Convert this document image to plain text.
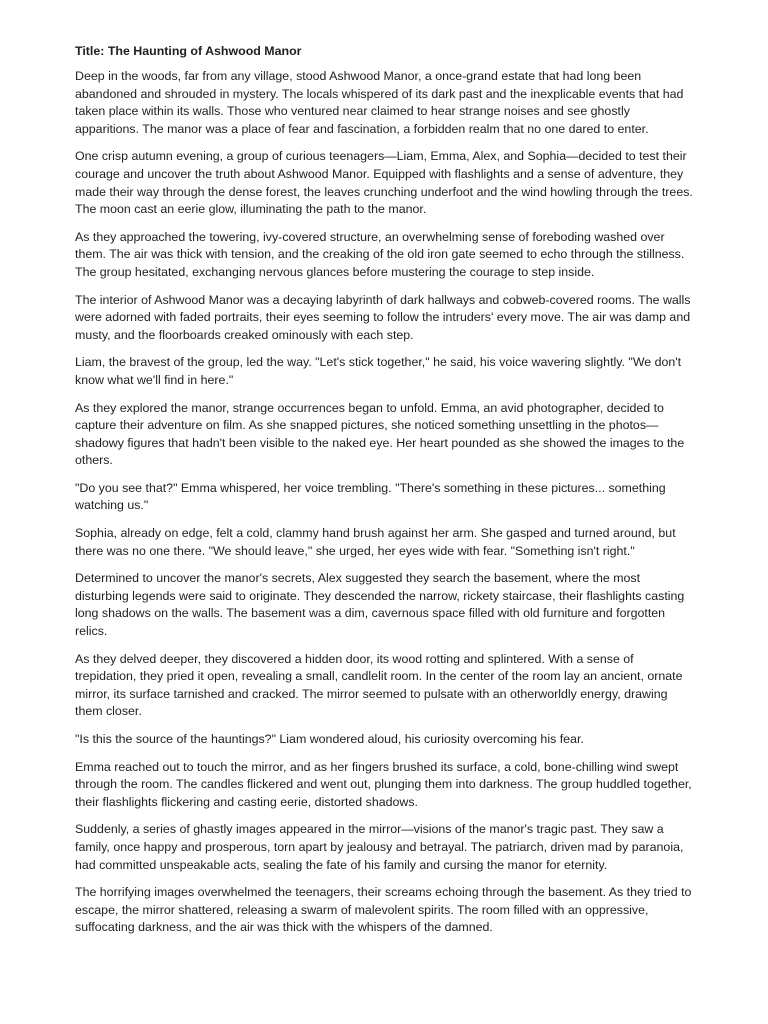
Title: The Haunting of Ashwood Manor

Deep in the woods, far from any village, stood Ashwood Manor, a once-grand estate that had long been abandoned and shrouded in mystery. The locals whispered of its dark past and the inexplicable events that had taken place within its walls. Those who ventured near claimed to hear strange noises and see ghostly apparitions. The manor was a place of fear and fascination, a forbidden realm that no one dared to enter.

One crisp autumn evening, a group of curious teenagers—Liam, Emma, Alex, and Sophia—decided to test their courage and uncover the truth about Ashwood Manor. Equipped with flashlights and a sense of adventure, they made their way through the dense forest, the leaves crunching underfoot and the wind howling through the trees. The moon cast an eerie glow, illuminating the path to the manor.

As they approached the towering, ivy-covered structure, an overwhelming sense of foreboding washed over them. The air was thick with tension, and the creaking of the old iron gate seemed to echo through the stillness. The group hesitated, exchanging nervous glances before mustering the courage to step inside.

The interior of Ashwood Manor was a decaying labyrinth of dark hallways and cobweb-covered rooms. The walls were adorned with faded portraits, their eyes seeming to follow the intruders' every move. The air was damp and musty, and the floorboards creaked ominously with each step.

Liam, the bravest of the group, led the way. "Let's stick together," he said, his voice wavering slightly. "We don't know what we'll find in here."

As they explored the manor, strange occurrences began to unfold. Emma, an avid photographer, decided to capture their adventure on film. As she snapped pictures, she noticed something unsettling in the photos—shadowy figures that hadn't been visible to the naked eye. Her heart pounded as she showed the images to the others.

"Do you see that?" Emma whispered, her voice trembling. "There's something in these pictures... something watching us."

Sophia, already on edge, felt a cold, clammy hand brush against her arm. She gasped and turned around, but there was no one there. "We should leave," she urged, her eyes wide with fear. "Something isn't right."

Determined to uncover the manor's secrets, Alex suggested they search the basement, where the most disturbing legends were said to originate. They descended the narrow, rickety staircase, their flashlights casting long shadows on the walls. The basement was a dim, cavernous space filled with old furniture and forgotten relics.

As they delved deeper, they discovered a hidden door, its wood rotting and splintered. With a sense of trepidation, they pried it open, revealing a small, candlelit room. In the center of the room lay an ancient, ornate mirror, its surface tarnished and cracked. The mirror seemed to pulsate with an otherworldly energy, drawing them closer.

"Is this the source of the hauntings?" Liam wondered aloud, his curiosity overcoming his fear.

Emma reached out to touch the mirror, and as her fingers brushed its surface, a cold, bone-chilling wind swept through the room. The candles flickered and went out, plunging them into darkness. The group huddled together, their flashlights flickering and casting eerie, distorted shadows.

Suddenly, a series of ghastly images appeared in the mirror—visions of the manor's tragic past. They saw a family, once happy and prosperous, torn apart by jealousy and betrayal. The patriarch, driven mad by paranoia, had committed unspeakable acts, sealing the fate of his family and cursing the manor for eternity.

The horrifying images overwhelmed the teenagers, their screams echoing through the basement. As they tried to escape, the mirror shattered, releasing a swarm of malevolent spirits. The room filled with an oppressive, suffocating darkness, and the air was thick with the whispers of the damned.
